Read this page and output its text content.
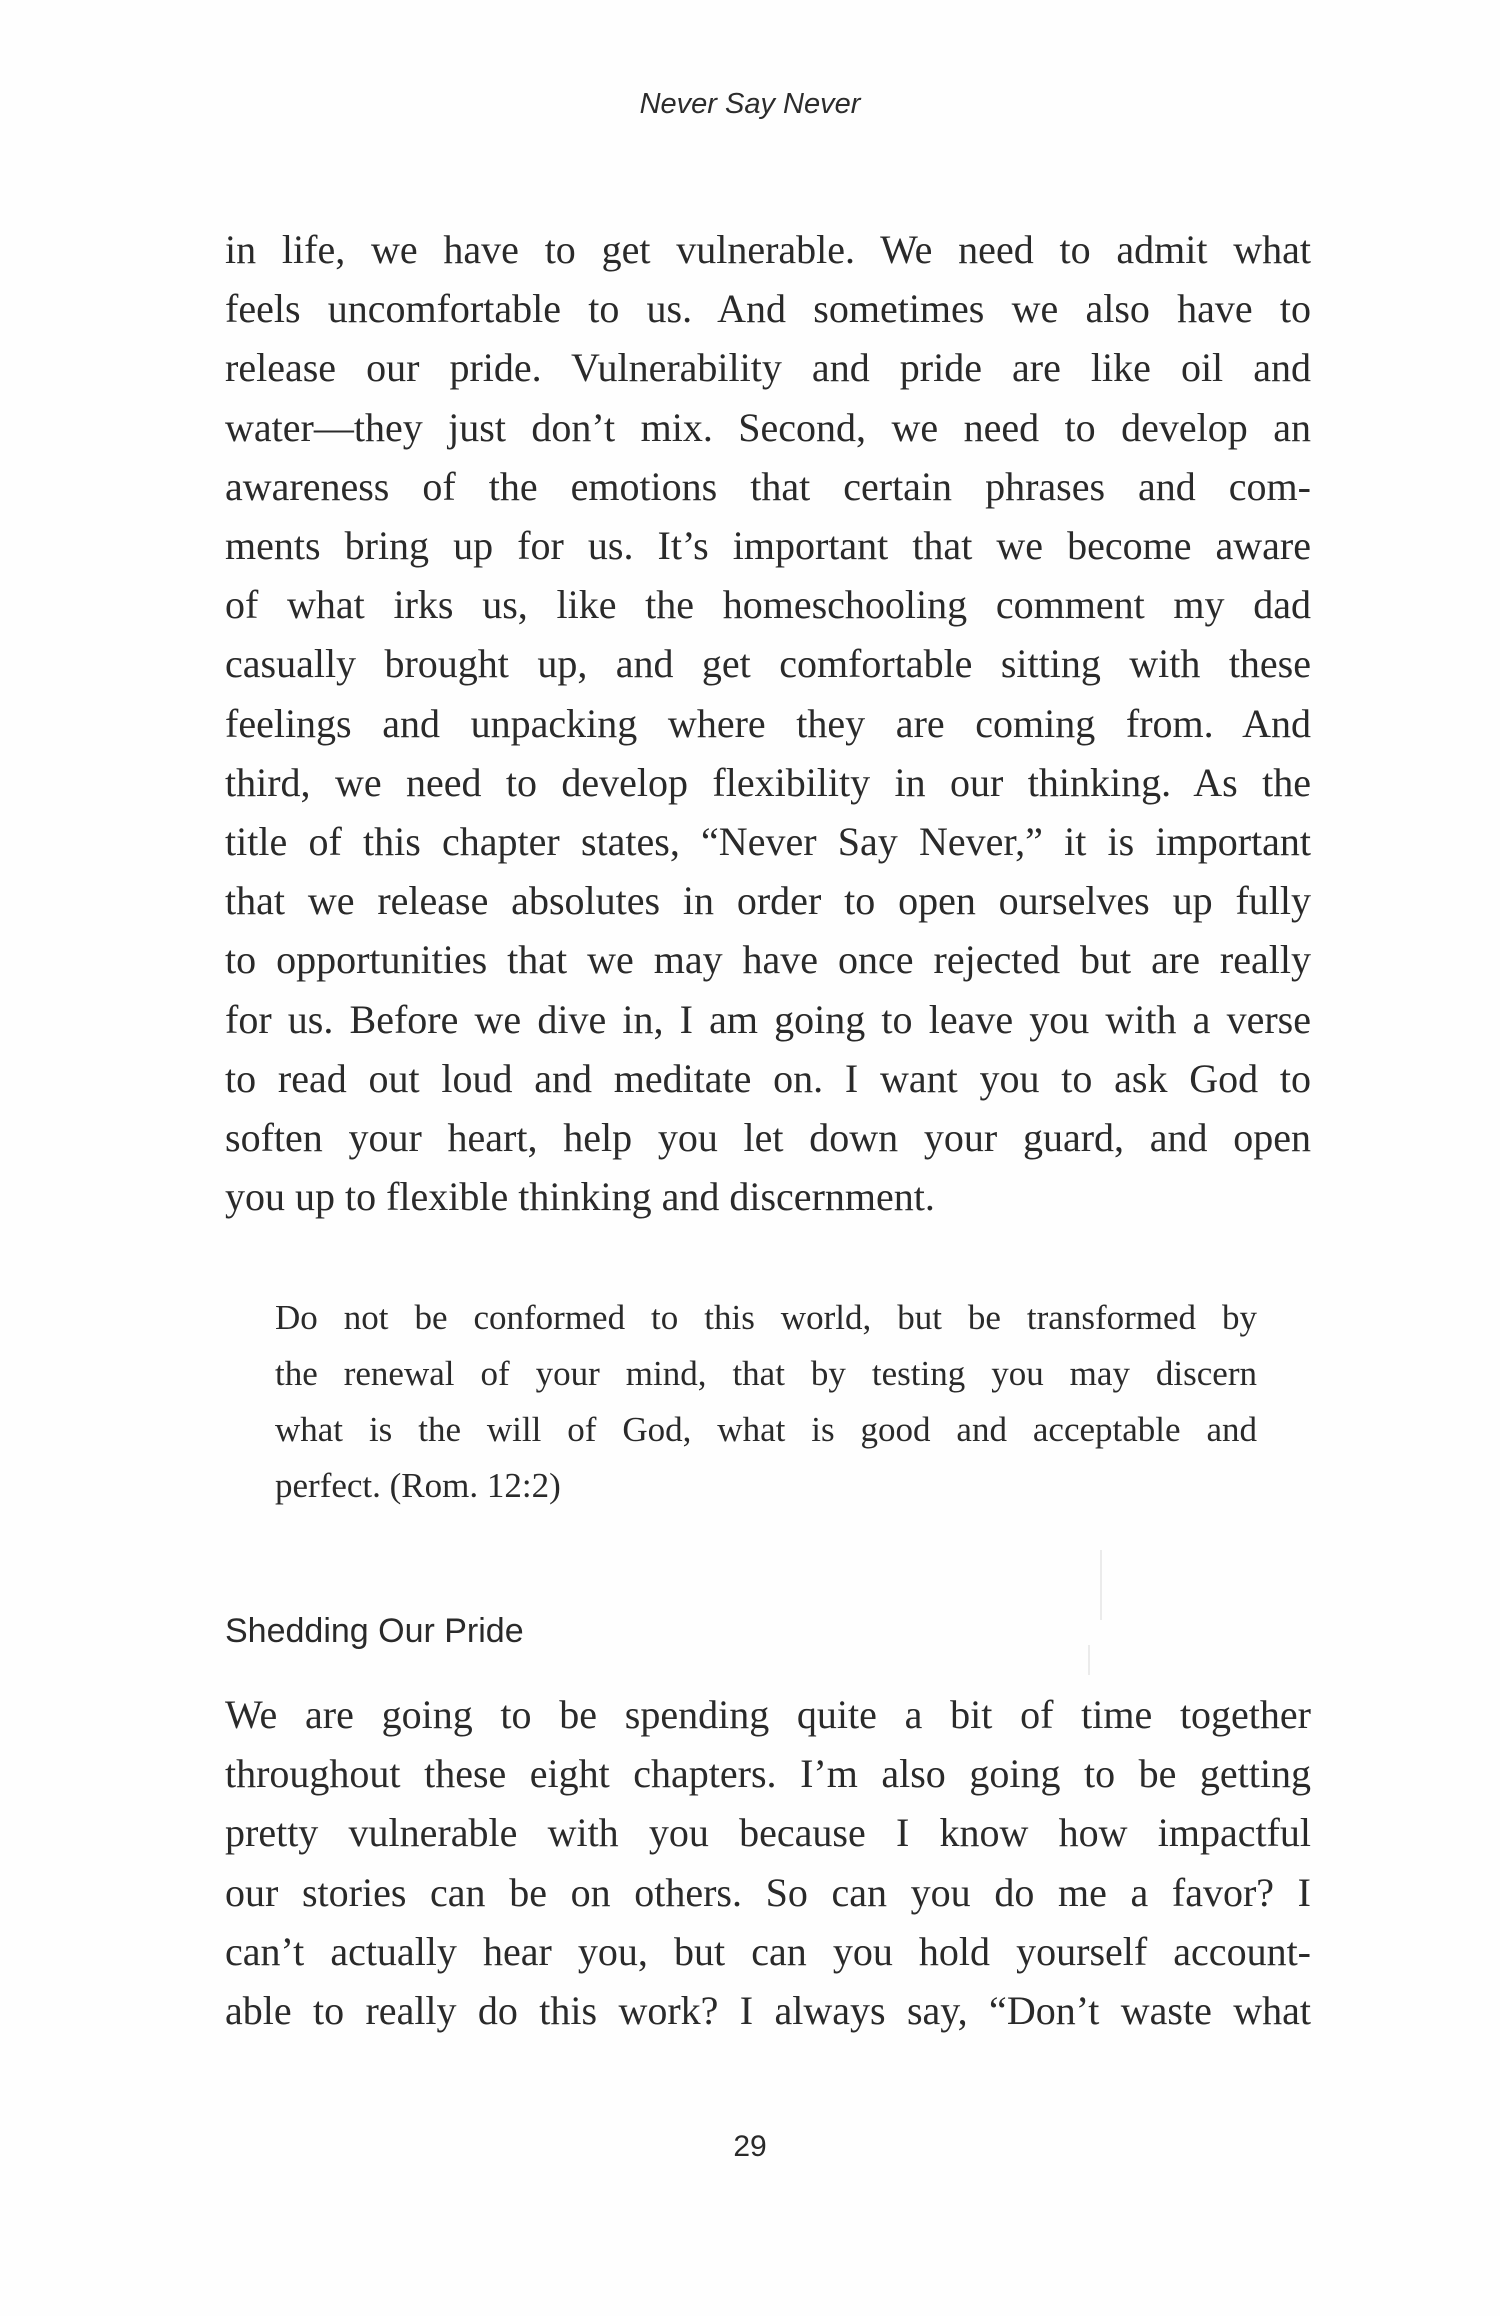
Never Say Never
in life, we have to get vulnerable. We need to admit what
feels uncomfortable to us. And sometimes we also have to
release our pride. Vulnerability and pride are like oil and
water—they just don’t mix. Second, we need to develop an
awareness of the emotions that certain phrases and com-
ments bring up for us. It’s important that we become aware
of what irks us, like the homeschooling comment my dad
casually brought up, and get comfortable sitting with these
feelings and unpacking where they are coming from. And
third, we need to develop flexibility in our thinking. As the
title of this chapter states, “Never Say Never,” it is important
that we release absolutes in order to open ourselves up fully
to opportunities that we may have once rejected but are really
for us. Before we dive in, I am going to leave you with a verse
to read out loud and meditate on. I want you to ask God to
soften your heart, help you let down your guard, and open
you up to flexible thinking and discernment.
Do not be conformed to this world, but be transformed by
the renewal of your mind, that by testing you may discern
what is the will of God, what is good and acceptable and
perfect. (Rom. 12:2)
Shedding Our Pride
We are going to be spending quite a bit of time together
throughout these eight chapters. I’m also going to be getting
pretty vulnerable with you because I know how impactful
our stories can be on others. So can you do me a favor? I
can’t actually hear you, but can you hold yourself account-
able to really do this work? I always say, “Don’t waste what
29
